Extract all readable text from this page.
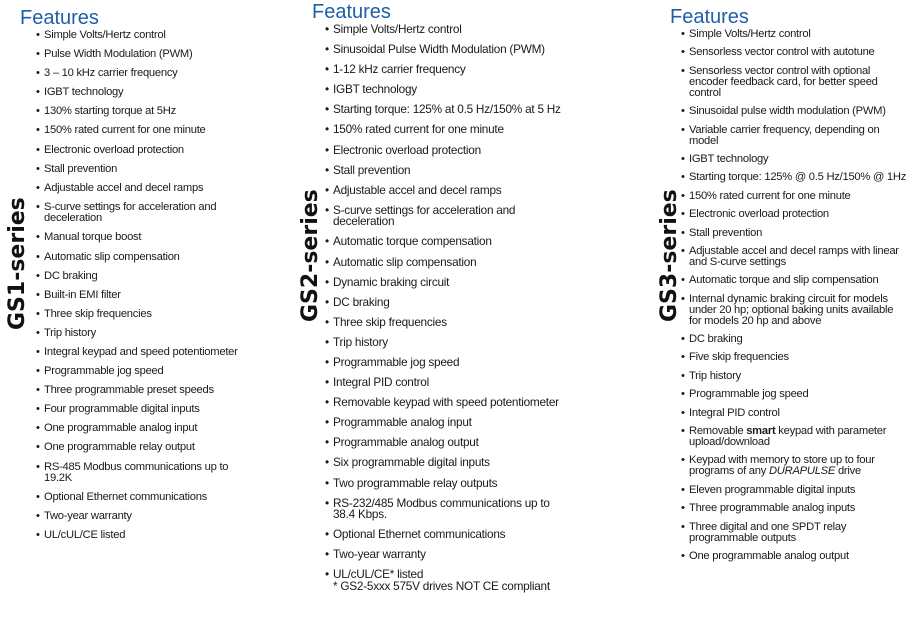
Features
• Simple Volts/Hertz control
• Pulse Width Modulation (PWM)
• 3 – 10 kHz carrier frequency
• IGBT technology
• 130% starting torque at 5Hz
• 150% rated current for one minute
• Electronic overload protection
• Stall prevention
• Adjustable accel and decel ramps
• S-curve settings for acceleration and deceleration
• Manual torque boost
• Automatic slip compensation
• DC braking
• Built-in EMI filter
• Three skip frequencies
• Trip history
• Integral keypad and speed potentiometer
• Programmable jog speed
• Three programmable preset speeds
• Four programmable digital inputs
• One programmable analog input
• One programmable relay output
• RS-485 Modbus communications up to 19.2K
• Optional Ethernet communications
• Two-year warranty
• UL/cUL/CE listed
GS1-series
Features
• Simple Volts/Hertz control
• Sinusoidal Pulse Width Modulation (PWM)
• 1-12 kHz carrier frequency
• IGBT technology
• Starting torque: 125% at 0.5 Hz/150% at 5 Hz
• 150% rated current for one minute
• Electronic overload protection
• Stall prevention
• Adjustable accel and decel ramps
• S-curve settings for acceleration and deceleration
• Automatic torque compensation
• Automatic slip compensation
• Dynamic braking circuit
• DC braking
• Three skip frequencies
• Trip history
• Programmable jog speed
• Integral PID control
• Removable keypad with speed potentiometer
• Programmable analog input
• Programmable analog output
• Six programmable digital inputs
• Two programmable relay outputs
• RS-232/485 Modbus communications up to 38.4 Kbps.
• Optional Ethernet communications
• Two-year warranty
• UL/cUL/CE* listed
* GS2-5xxx 575V drives NOT CE compliant
GS2-series
Features
• Simple Volts/Hertz control
• Sensorless vector control with autotune
• Sensorless vector control with optional encoder feedback card, for better speed control
• Sinusoidal pulse width modulation (PWM)
• Variable carrier frequency, depending on model
• IGBT technology
• Starting torque: 125% @ 0.5 Hz/150% @ 1Hz
• 150% rated current for one minute
• Electronic overload protection
• Stall prevention
• Adjustable accel and decel ramps with linear and S-curve settings
• Automatic torque and slip compensation
• Internal dynamic braking circuit for models under 20 hp; optional baking units available for models 20 hp and above
• DC braking
• Five skip frequencies
• Trip history
• Programmable jog speed
• Integral PID control
• Removable smart keypad with parameter upload/download
• Keypad with memory to store up to four programs of any DURAPULSE drive
• Eleven programmable digital inputs
• Three programmable analog inputs
• Three digital and one SPDT relay programmable outputs
• One programmable analog output
GS3-series
